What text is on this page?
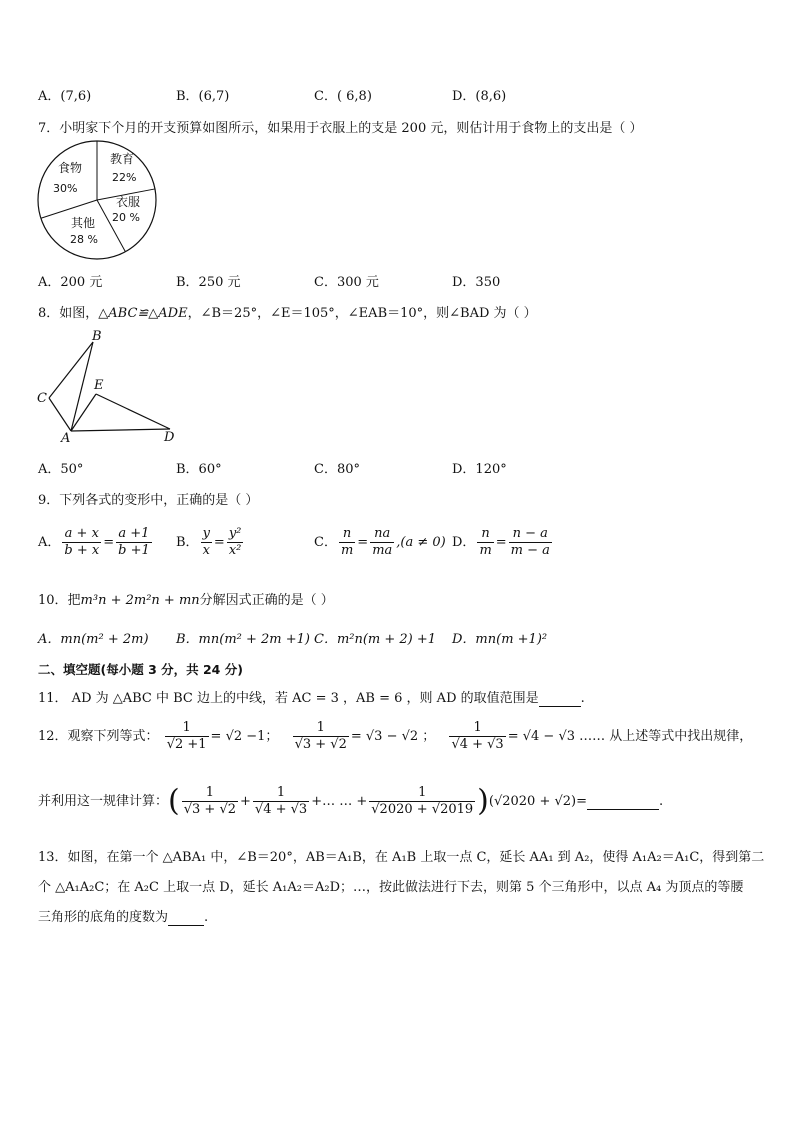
A．(7,6)	B．(6,7)	C．( 6,8)	D．(8,6)
7．小明家下个月的开支预算如图所示，如果用于衣服上的支是 200 元，则估计用于食物上的支出是（ ）
教育
22%
衣服
20 %
其他
28 %
食物
30%
A．200 元	B．250 元	C．300 元	D．350
8．如图，△ABC≌△ADE，∠B＝25°，∠E＝105°，∠EAB＝10°，则∠BAD 为（ ）
B
E
C
A	D
A．50°	B．60°	C．80°	D．120°
9．下列各式的变形中，正确的是（ ）
A． $\frac{a + x}{b + x} = \frac{a +1}{b +1}$ B． $\frac{y}{x} = \frac{\text{y²}}{\text{x²}}$	C． $\frac{n}{m} = \frac{na}{ma} ,(a \ne 0)$ D． $\frac{n}{m} = \frac{n - a}{m - a}$
10．把m³n + 2m²n + mn分解因式正确的是（ ）
A．mn(m² + 2m) B．mn(m² + 2m +1) C．m²n(m + 2) +1 D．mn(m +1)²
二、填空题(每小题 3 分，共 24 分)
11． AD 为 △ABC 中 BC 边上的中线，若 AC = 3 ，AB = 6 ，则 AD 的取值范围是	.
12．观察下列等式： $\frac{1}{√2 +1} = √2 -1$； $\frac{1}{√3 + √2} = √3 - √2$ ； $\frac{1}{√4 + √3} = √4 - √3$ …… 从上述等式中找出规律，
并利用这一规律计算：( $\frac{1}{√3 + √2} + \frac{1}{√4 + √3}$ +… … + $\frac{1}{√2020 + √2019} )(√2020 + √2)=$	.
13．如图，在第一个 △ABA₁ 中，∠B＝20°，AB＝A₁B，在 A₁B 上取一点 C，延长 AA₁ 到 A₂，使得 A₁A₂＝A₁C，得到第二
个 △A₁A₂C；在 A₂C 上取一点 D，延长 A₁A₂＝A₂D；…，按此做法进行下去，则第 5 个三角形中，以点 A₄ 为顶点的等腰
三角形的底角的度数为	.
